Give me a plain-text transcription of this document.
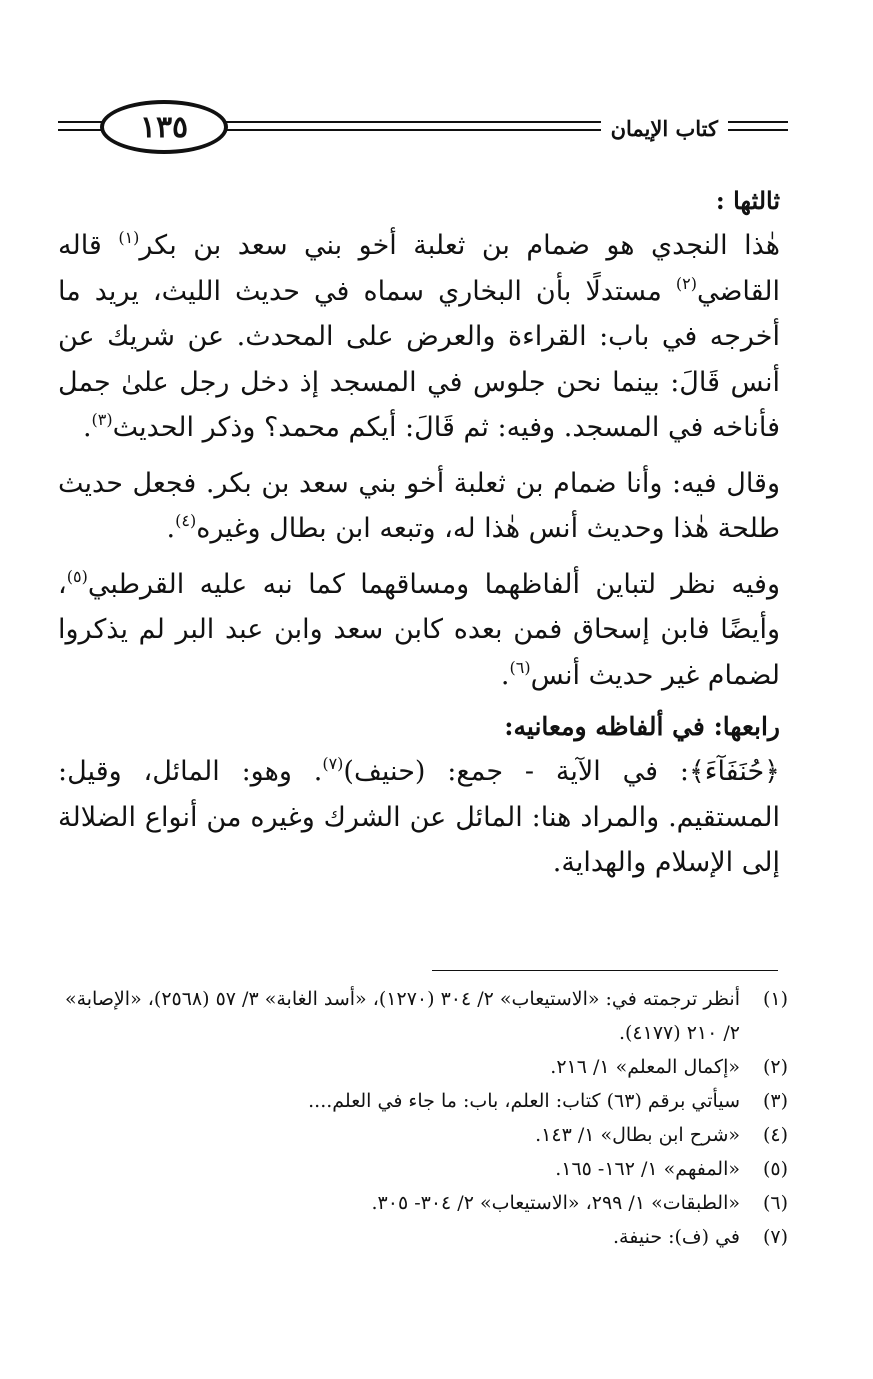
١٣٥	كتاب الإيمان
ثالثها :

هٰذا النجدي هو ضمام بن ثعلبة أخو بني سعد بن بكر$^{(١)}$ قاله القاضي$^{(٢)}$ مستدلًا بأن البخاري سماه في حديث الليث، يريد ما أخرجه في باب: القراءة والعرض على المحدث. عن شريك عن أنس قَالَ: بينما نحن جلوس في المسجد إذ دخل رجل علىٰ جمل فأناخه في المسجد. وفيه: ثم قَالَ: أيكم محمد؟ وذكر الحديث$^{(٣)}$.

وقال فيه: وأنا ضمام بن ثعلبة أخو بني سعد بن بكر. فجعل حديث طلحة هٰذا وحديث أنس هٰذا له، وتبعه ابن بطال وغيره$^{(٤)}$.

وفيه نظر لتباين ألفاظهما ومساقهما كما نبه عليه القرطبي$^{(٥)}$، وأيضًا فابن إسحاق فمن بعده كابن سعد وابن عبد البر لم يذكروا لضمام غير حديث أنس$^{(٦)}$.

رابعها: في ألفاظه ومعانيه:

﴿حُنَفَآءَ﴾: في الآية - جمع: (حنيف)$^{(٧)}$. وهو: المائل، وقيل: المستقيم. والمراد هنا: المائل عن الشرك وغيره من أنواع الضلالة إلى الإسلام والهداية.

(١)
أنظر ترجمته في: «الاستيعاب» ٢/ ٣٠٤ (١٢٧٠)، «أسد الغابة» ٣/ ٥٧ (٢٥٦٨)، «الإصابة» ٢/ ٢١٠ (٤١٧٧).
(٢)
«إكمال المعلم» ١/ ٢١٦.
(٣)
سيأتي برقم (٦٣) كتاب: العلم، باب: ما جاء في العلم....
(٤)
«شرح ابن بطال» ١/ ١٤٣.
(٥)
«المفهم» ١/ ١٦٢- ١٦٥.
(٦)
«الطبقات» ١/ ٢٩٩، «الاستيعاب» ٢/ ٣٠٤- ٣٠٥.
(٧)
في (ف): حنيفة.
